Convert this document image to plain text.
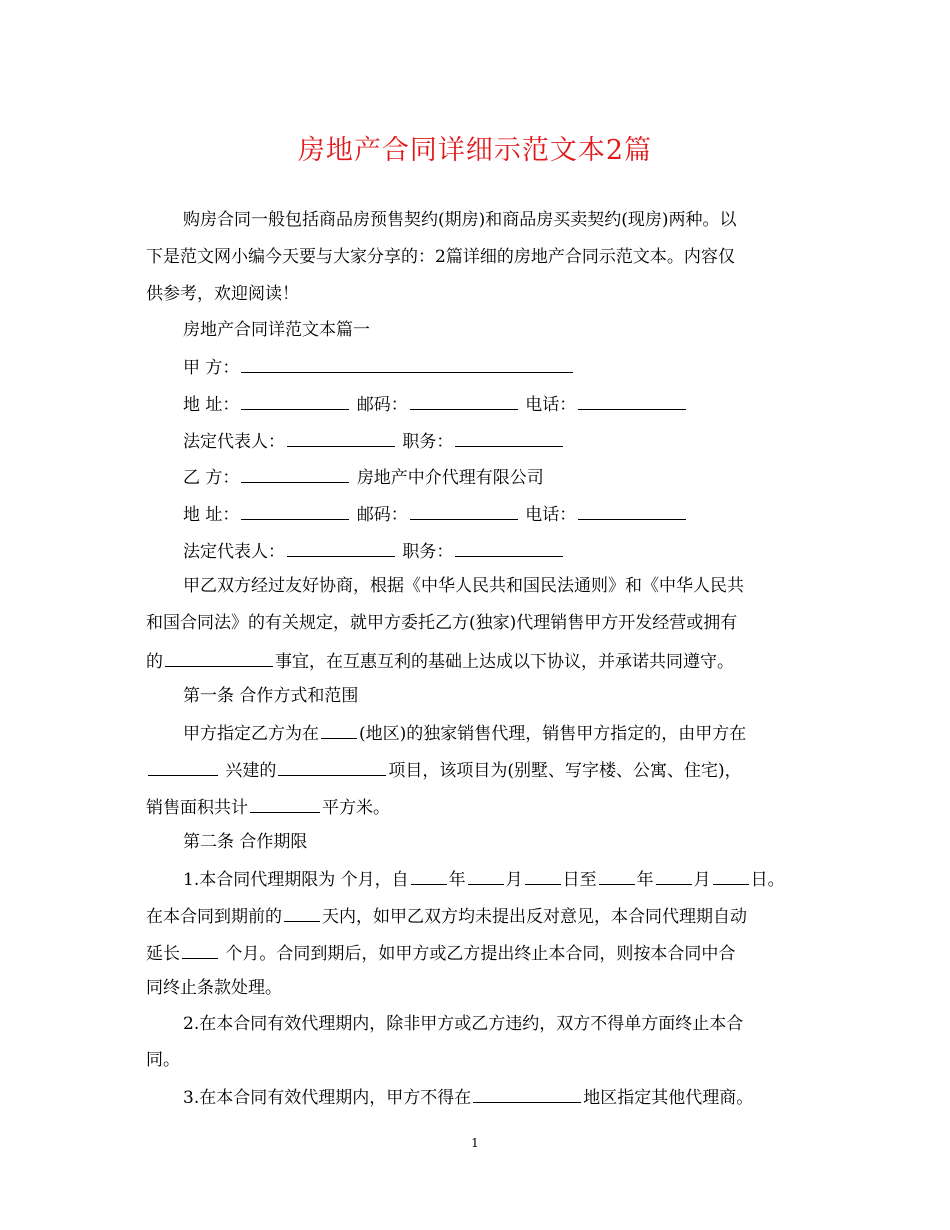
房地产合同详细示范文本2篇
购房合同一般包括商品房预售契约(期房)和商品房买卖契约(现房)两种。以
下是范文网小编今天要与大家分享的：2篇详细的房地产合同示范文本。内容仅
供参考，欢迎阅读！
房地产合同详范文本篇一
甲 方：
地 址：	邮码：	电话：
法定代表人：	职务：
乙 方：	房地产中介代理有限公司
地 址：	邮码：	电话：
法定代表人：	职务：
甲乙双方经过友好协商，根据《中华人民共和国民法通则》和《中华人民共
和国合同法》的有关规定，就甲方委托乙方(独家)代理销售甲方开发经营或拥有
的	事宜，在互惠互利的基础上达成以下协议，并承诺共同遵守。
第一条 合作方式和范围
甲方指定乙方为在 (地区)的独家销售代理，销售甲方指定的，由甲方在
兴建的	项目，该项目为(别墅、写字楼、公寓、住宅)，
销售面积共计	平方米。
第二条 合作期限
1.本合同代理期限为 个月，自 年 月 日至 年 月 日。
在本合同到期前的 天内，如甲乙双方均未提出反对意见，本合同代理期自动
延长 个月。合同到期后，如甲方或乙方提出终止本合同，则按本合同中合
同终止条款处理。
2.在本合同有效代理期内，除非甲方或乙方违约，双方不得单方面终止本合
同。
3.在本合同有效代理期内，甲方不得在	地区指定其他代理商。
1
